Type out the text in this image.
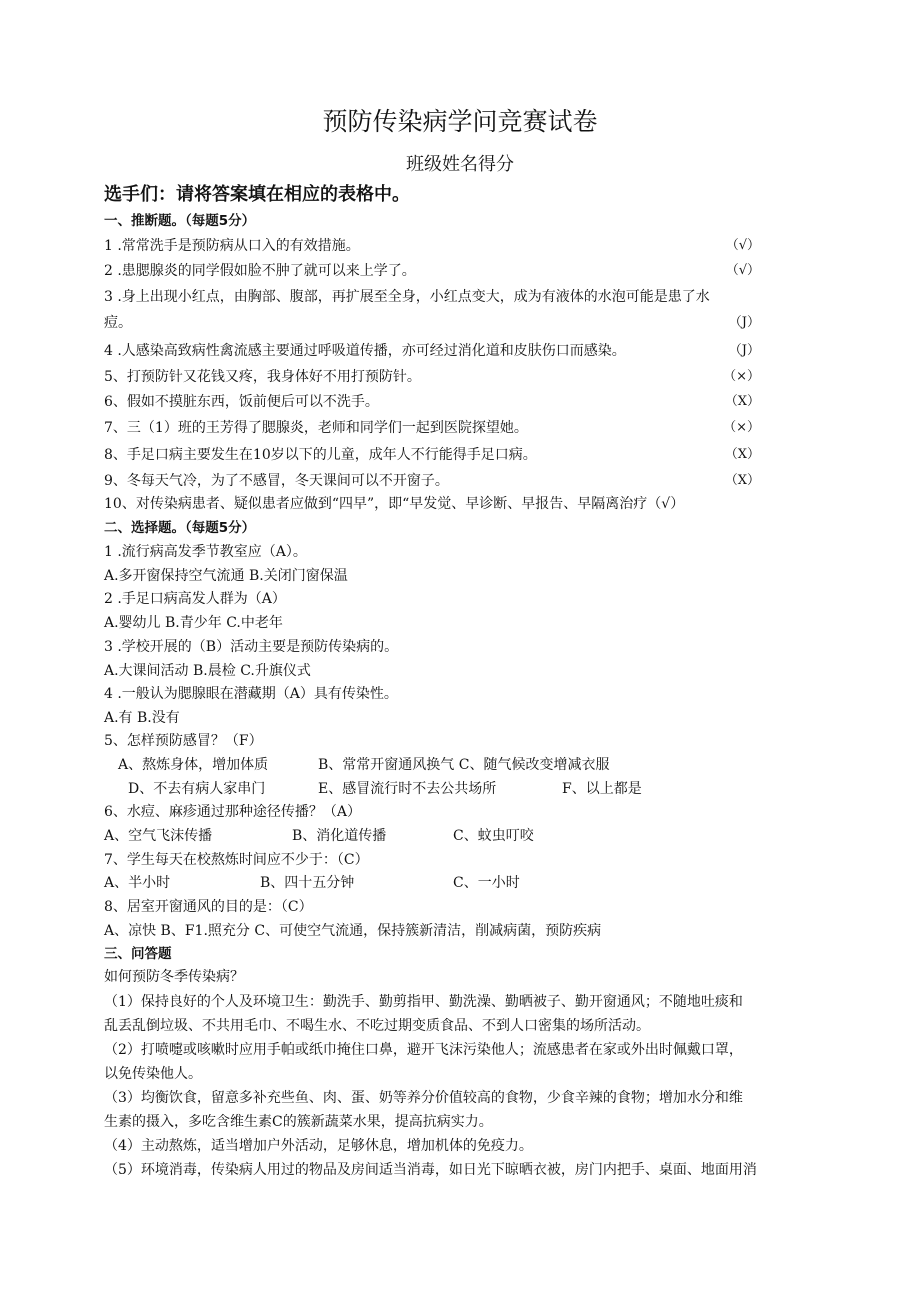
预防传染病学问竞赛试卷
班级姓名得分
选手们：请将答案填在相应的表格中。
一、推断题。（每题5分）
1 .常常洗手是预防病从口入的有效措施。	（√）
2 .患腮腺炎的同学假如脸不肿了就可以来上学了。	（√）
3 .身上出现小红点，由胸部、腹部，再扩展至全身，小红点变大，成为有液体的水泡可能是患了水
痘。	（J）
4 .人感染高致病性禽流感主要通过呼吸道传播，亦可经过消化道和皮肤伤口而感染。	（J）
5、打预防针又花钱又疼，我身体好不用打预防针。	（×）
6、假如不摸脏东西，饭前便后可以不洗手。	（X）
7、三（1）班的王芳得了腮腺炎，老师和同学们一起到医院探望她。	（×）
8、手足口病主要发生在10岁以下的儿童，成年人不行能得手足口病。	（X）
9、冬每天气冷，为了不感冒，冬天课间可以不开窗子。	（X）
10、对传染病患者、疑似患者应做到“四早”，即“早发觉、早诊断、早报告、早隔离治疗（√）
二、选择题。（每题5分）
1 .流行病高发季节教室应（A）。
A.多开窗保持空气流通 B.关闭门窗保温
2 .手足口病高发人群为（A）
A.婴幼儿 B.青少年 C.中老年
3 .学校开展的（B）活动主要是预防传染病的。
A.大课间活动 B.晨检 C.升旗仪式
4 .一般认为腮腺眼在潜藏期（A）具有传染性。
A.有 B.没有
5、怎样预防感冒？（F）
A、熬炼身体，增加体质	B、常常开窗通风换气 C、随气候改变增减衣服
D、不去有病人家串门	E、感冒流行时不去公共场所	F、以上都是
6、水痘、麻疹通过那种途径传播？（A）
A、空气飞沫传播	B、消化道传播	C、蚊虫叮咬
7、学生每天在校熬炼时间应不少于：（C）
A、半小时	B、四十五分钟	C、一小时
8、居室开窗通风的目的是：（C）
A、凉快 B、F1.照充分 C、可使空气流通，保持簇新清洁，削减病菌，预防疾病
三、问答题
如何预防冬季传染病？
（1）保持良好的个人及环境卫生：勤洗手、勤剪指甲、勤洗澡、勤晒被子、勤开窗通风；不随地吐痰和
乱丢乱倒垃圾、不共用毛巾、不喝生水、不吃过期变质食品、不到人口密集的场所活动。
（2）打喷嚏或咳嗽时应用手帕或纸巾掩住口鼻，避开飞沫污染他人；流感患者在家或外出时佩戴口罩，
以免传染他人。
（3）均衡饮食，留意多补充些鱼、肉、蛋、奶等养分价值较高的食物，少食辛辣的食物；增加水分和维
生素的摄入，多吃含维生素C的簇新蔬菜水果，提高抗病实力。
（4）主动熬炼，适当增加户外活动，足够休息，增加机体的免疫力。
（5）环境消毒，传染病人用过的物品及房间适当消毒，如日光下晾晒衣被，房门内把手、桌面、地面用消
